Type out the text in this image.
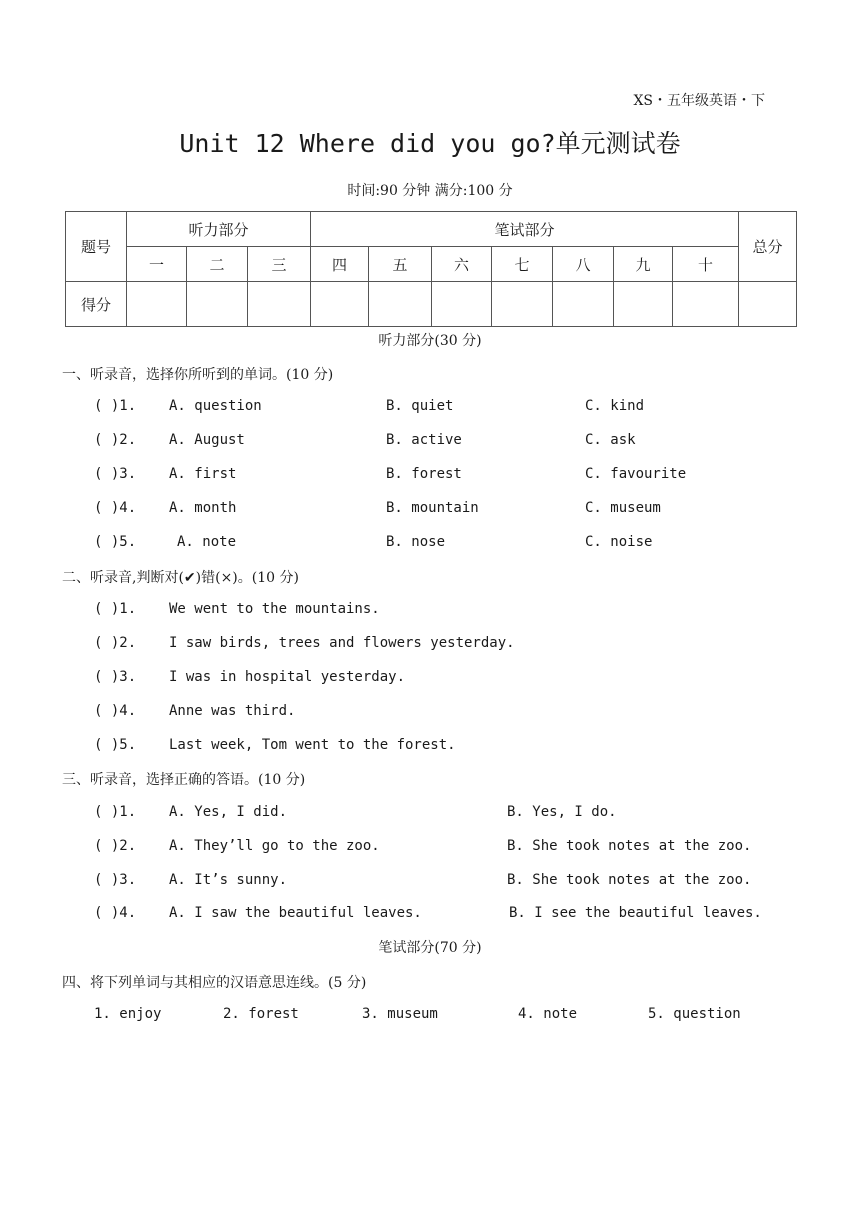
XS・五年级英语・下
Unit 12 Where did you go?单元测试卷
时间:90 分钟 满分:100 分
题号	听力部分			笔试部分							总分
	一	二	三	四	五	六	七	八	九	十	
得分											
听力部分(30 分)
一、听录音，选择你所听到的单词。(10 分)
( )1. A. question	B. quiet	C. kind
( )2. A. August	B. active	C. ask
( )3. A. first	B. forest	C. favourite
( )4. A. month	B. mountain	C. museum
( )5.	A. note	B. nose	C. noise
二、听录音,判断对(✔)错(×)。(10 分)
( )1. We went to the mountains.
( )2. I saw birds, trees and flowers yesterday.
( )3. I was in hospital yesterday.
( )4. Anne was third.
( )5. Last week, Tom went to the forest.
三、听录音，选择正确的答语。(10 分)
( )1. A. Yes, I did.	B. Yes, I do.
( )2. A. They’ll go to the zoo.	B. She took notes at the zoo.
( )3. A. It’s sunny.	B. She took notes at the zoo.
( )4. A. I saw the beautiful leaves.	B. I see the beautiful leaves.
笔试部分(70 分)
四、将下列单词与其相应的汉语意思连线。(5 分)
1. enjoy	2. forest	3. museum	4. note	5. question
